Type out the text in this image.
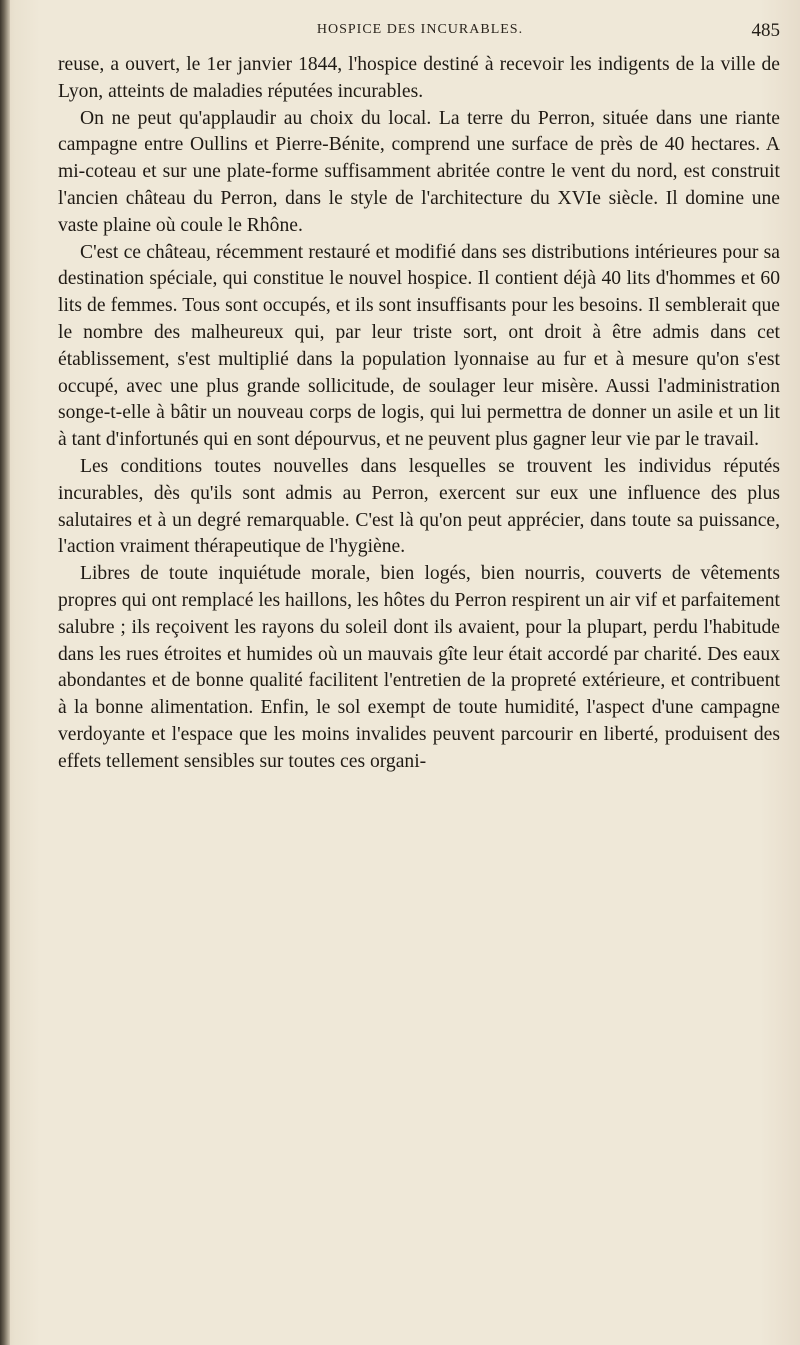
HOSPICE DES INCURABLES.	485

reuse, a ouvert, le 1er janvier 1844, l'hospice destiné à recevoir les indigents de la ville de Lyon, atteints de maladies réputées incurables.

On ne peut qu'applaudir au choix du local. La terre du Perron, située dans une riante campagne entre Oullins et Pierre-Bénite, comprend une surface de près de 40 hectares. A mi-coteau et sur une plate-forme suffisamment abritée contre le vent du nord, est construit l'ancien château du Perron, dans le style de l'architecture du XVIe siècle. Il domine une vaste plaine où coule le Rhône.

C'est ce château, récemment restauré et modifié dans ses distributions intérieures pour sa destination spéciale, qui constitue le nouvel hospice. Il contient déjà 40 lits d'hommes et 60 lits de femmes. Tous sont occupés, et ils sont insuffisants pour les besoins. Il semblerait que le nombre des malheureux qui, par leur triste sort, ont droit à être admis dans cet établissement, s'est multiplié dans la population lyonnaise au fur et à mesure qu'on s'est occupé, avec une plus grande sollicitude, de soulager leur misère. Aussi l'administration songe-t-elle à bâtir un nouveau corps de logis, qui lui permettra de donner un asile et un lit à tant d'infortunés qui en sont dépourvus, et ne peuvent plus gagner leur vie par le travail.

Les conditions toutes nouvelles dans lesquelles se trouvent les individus réputés incurables, dès qu'ils sont admis au Perron, exercent sur eux une influence des plus salutaires et à un degré remarquable. C'est là qu'on peut apprécier, dans toute sa puissance, l'action vraiment thérapeutique de l'hygiène.

Libres de toute inquiétude morale, bien logés, bien nourris, couverts de vêtements propres qui ont remplacé les haillons, les hôtes du Perron respirent un air vif et parfaitement salubre ; ils reçoivent les rayons du soleil dont ils avaient, pour la plupart, perdu l'habitude dans les rues étroites et humides où un mauvais gîte leur était accordé par charité. Des eaux abondantes et de bonne qualité facilitent l'entretien de la propreté extérieure, et contribuent à la bonne alimentation. Enfin, le sol exempt de toute humidité, l'aspect d'une campagne verdoyante et l'espace que les moins invalides peuvent parcourir en liberté, produisent des effets tellement sensibles sur toutes ces organi-
